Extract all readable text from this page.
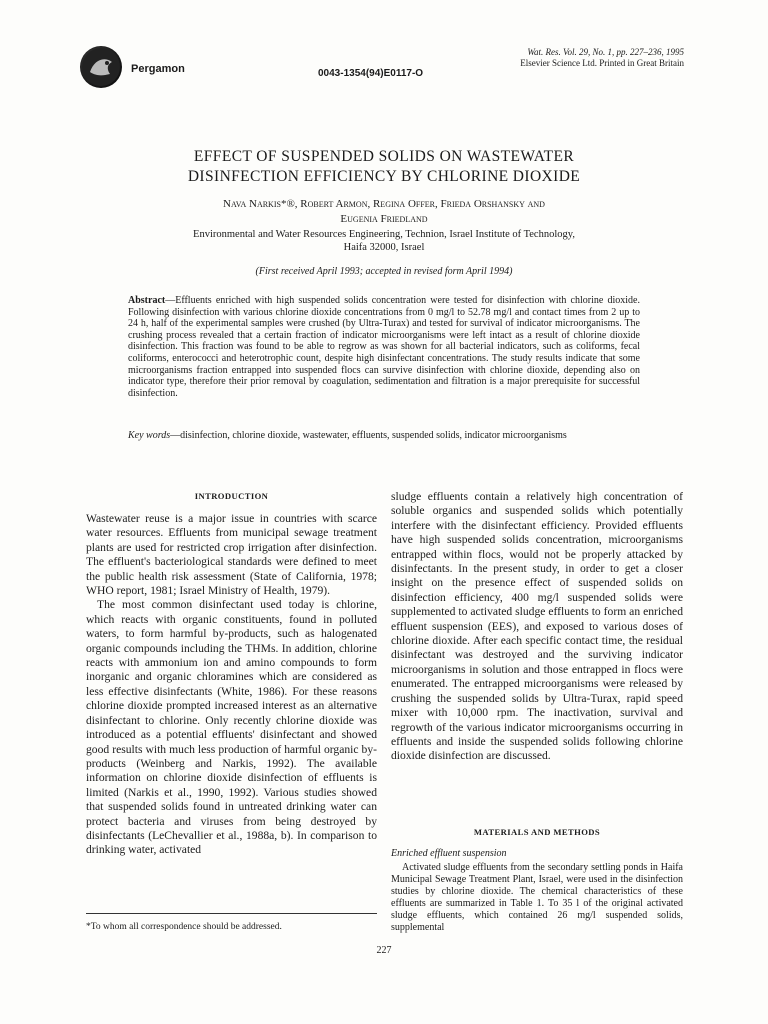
Pergamon	0043-1354(94)E0117-O
Wat. Res. Vol. 29, No. 1, pp. 227–236, 1995
Elsevier Science Ltd. Printed in Great Britain
EFFECT OF SUSPENDED SOLIDS ON WASTEWATER
DISINFECTION EFFICIENCY BY CHLORINE DIOXIDE
Nava Narkis*®, Robert Armon, Regina Offer, Frieda Orshansky and
Eugenia Friedland
Environmental and Water Resources Engineering, Technion, Israel Institute of Technology,
Haifa 32000, Israel
(First received April 1993; accepted in revised form April 1994)
Abstract—Effluents enriched with high suspended solids concentration were tested for disinfection with chlorine dioxide. Following disinfection with various chlorine dioxide concentrations from 0 mg/l to 52.78 mg/l and contact times from 2 up to 24 h, half of the experimental samples were crushed (by Ultra-Turax) and tested for survival of indicator microorganisms. The crushing process revealed that a certain fraction of indicator microorganisms were left intact as a result of chlorine dioxide disinfection. This fraction was found to be able to regrow as was shown for all bacterial indicators, such as coliforms, fecal coliforms, enterococci and heterotrophic count, despite high disinfectant concentrations. The study results indicate that some microorganisms fraction entrapped into suspended flocs can survive disinfection with chlorine dioxide, depending also on indicator type, therefore their prior removal by coagulation, sedimentation and filtration is a major prerequisite for successful disinfection.
Key words—disinfection, chlorine dioxide, wastewater, effluents, suspended solids, indicator microorganisms
INTRODUCTION

Wastewater reuse is a major issue in countries with scarce water resources. Effluents from municipal sewage treatment plants are used for restricted crop irrigation after disinfection. The effluent's bacteriological standards were defined to meet the public health risk assessment (State of California, 1978; WHO report, 1981; Israel Ministry of Health, 1979).

The most common disinfectant used today is chlorine, which reacts with organic constituents, found in polluted waters, to form harmful by-products, such as halogenated organic compounds including the THMs. In addition, chlorine reacts with ammonium ion and amino compounds to form inorganic and organic chloramines which are considered as less effective disinfectants (White, 1986). For these reasons chlorine dioxide prompted increased interest as an alternative disinfectant to chlorine. Only recently chlorine dioxide was introduced as a potential effluents' disinfectant and showed good results with much less production of harmful organic by-products (Weinberg and Narkis, 1992). The available information on chlorine dioxide disinfection of effluents is limited (Narkis et al., 1990, 1992). Various studies showed that suspended solids found in untreated drinking water can protect bacteria and viruses from being destroyed by disinfectants (LeChevallier et al., 1988a, b). In comparison to drinking water, activated

sludge effluents contain a relatively high concentration of soluble organics and suspended solids which potentially interfere with the disinfectant efficiency. Provided effluents have high suspended solids concentration, microorganisms entrapped within flocs, would not be properly attacked by disinfectants. In the present study, in order to get a closer insight on the presence effect of suspended solids on disinfection efficiency, 400 mg/l suspended solids were supplemented to activated sludge effluents to form an enriched effluent suspension (EES), and exposed to various doses of chlorine dioxide. After each specific contact time, the residual disinfectant was destroyed and the surviving indicator microorganisms in solution and those entrapped in flocs were enumerated. The entrapped microorganisms were released by crushing the suspended solids by Ultra-Turax, rapid speed mixer with 10,000 rpm. The inactivation, survival and regrowth of the various indicator microorganisms occurring in effluents and inside the suspended solids following chlorine dioxide disinfection are discussed.

MATERIALS AND METHODS
Enriched effluent suspension

Activated sludge effluents from the secondary settling ponds in Haifa Municipal Sewage Treatment Plant, Israel, were used in the disinfection studies by chlorine dioxide. The chemical characteristics of these effluents are summarized in Table 1. To 35 l of the original activated sludge effluents, which contained 26 mg/l suspended solids, supplemental

*To whom all correspondence should be addressed.
227
